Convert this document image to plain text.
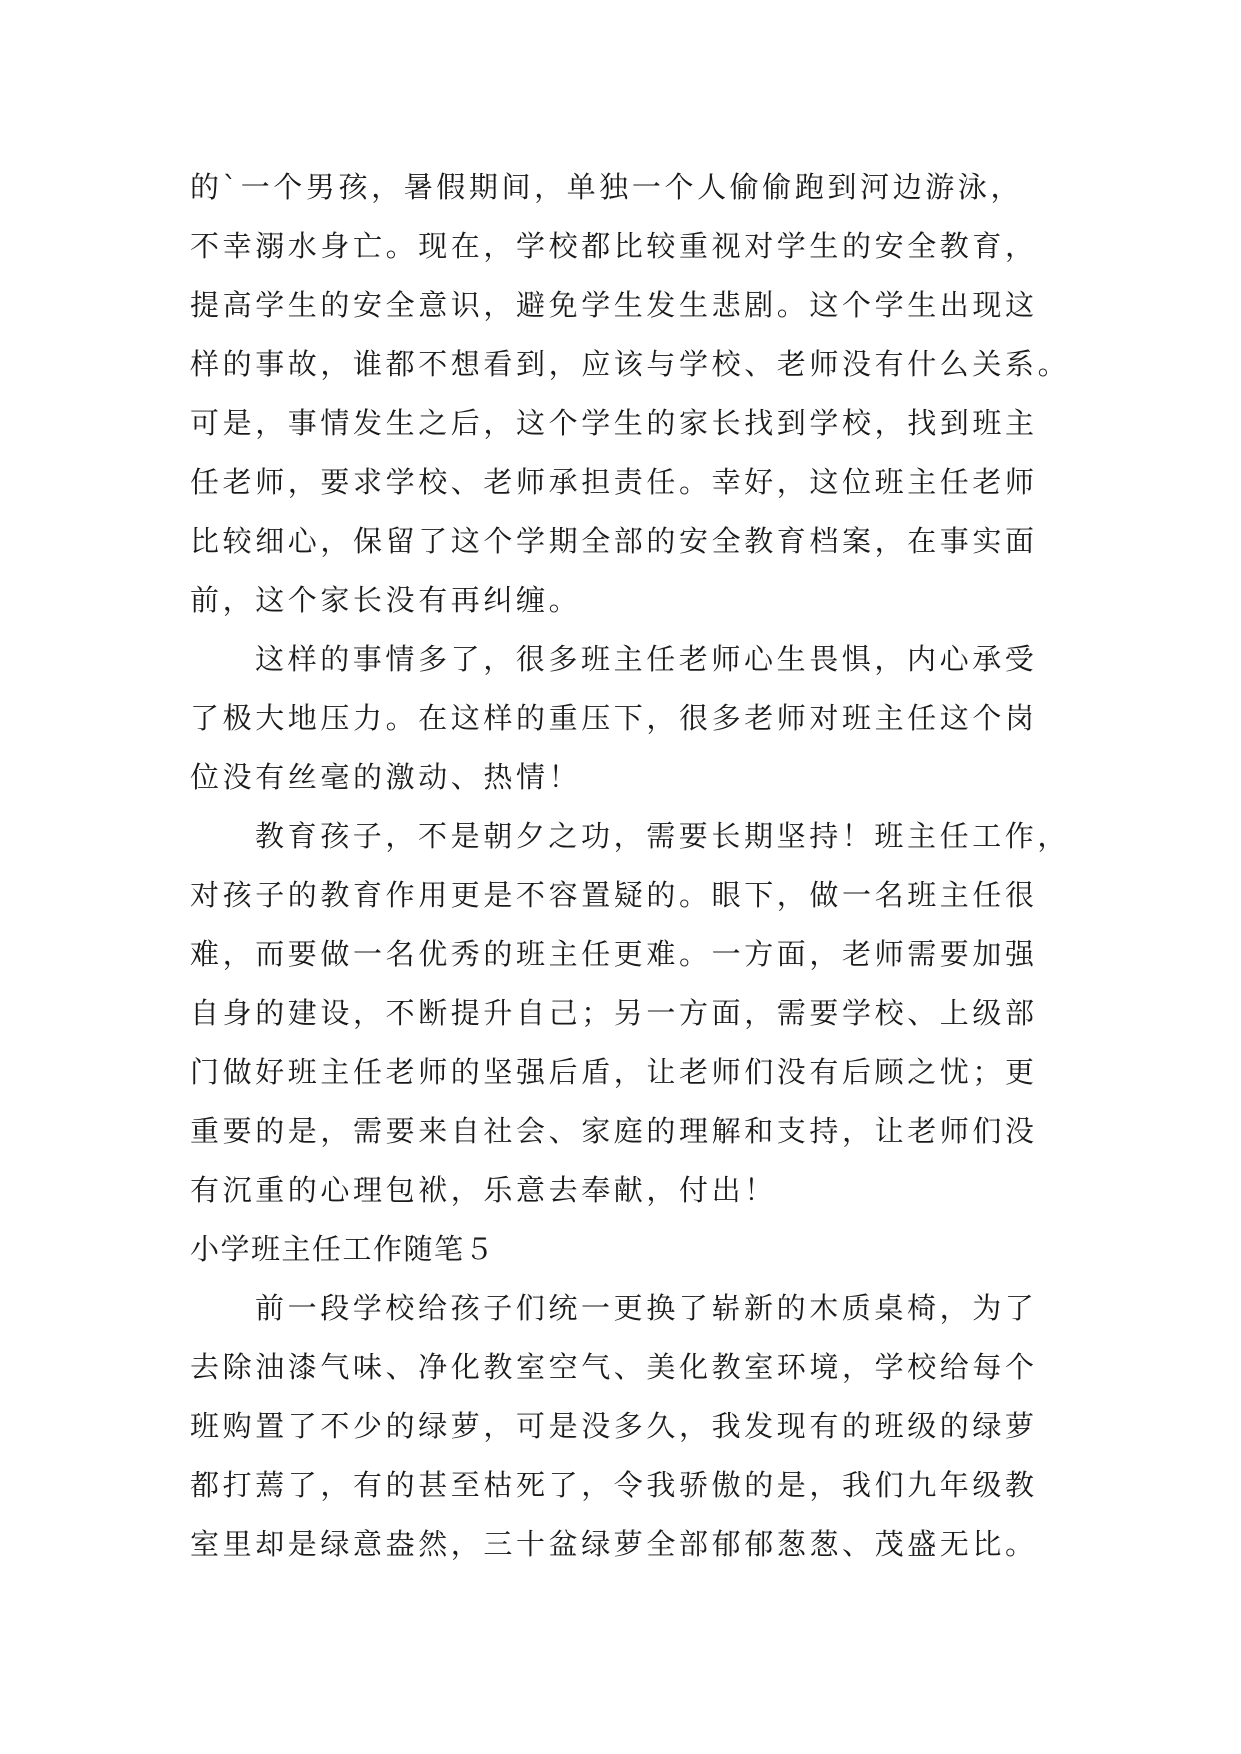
的`一个男孩，暑假期间，单独一个人偷偷跑到河边游泳，
不幸溺水身亡。现在，学校都比较重视对学生的安全教育，
提高学生的安全意识，避免学生发生悲剧。这个学生出现这
样的事故，谁都不想看到，应该与学校、老师没有什么关系。
可是，事情发生之后，这个学生的家长找到学校，找到班主
任老师，要求学校、老师承担责任。幸好，这位班主任老师
比较细心，保留了这个学期全部的安全教育档案，在事实面
前，这个家长没有再纠缠。
这样的事情多了，很多班主任老师心生畏惧，内心承受
了极大地压力。在这样的重压下，很多老师对班主任这个岗
位没有丝毫的激动、热情！
教育孩子，不是朝夕之功，需要长期坚持！班主任工作，
对孩子的教育作用更是不容置疑的。眼下，做一名班主任很
难，而要做一名优秀的班主任更难。一方面，老师需要加强
自身的建设，不断提升自己；另一方面，需要学校、上级部
门做好班主任老师的坚强后盾，让老师们没有后顾之忧；更
重要的是，需要来自社会、家庭的理解和支持，让老师们没
有沉重的心理包袱，乐意去奉献，付出！
小学班主任工作随笔５
前一段学校给孩子们统一更换了崭新的木质桌椅，为了
去除油漆气味、净化教室空气、美化教室环境，学校给每个
班购置了不少的绿萝，可是没多久，我发现有的班级的绿萝
都打蔫了，有的甚至枯死了，令我骄傲的是，我们九年级教
室里却是绿意盎然，三十盆绿萝全部郁郁葱葱、茂盛无比。
